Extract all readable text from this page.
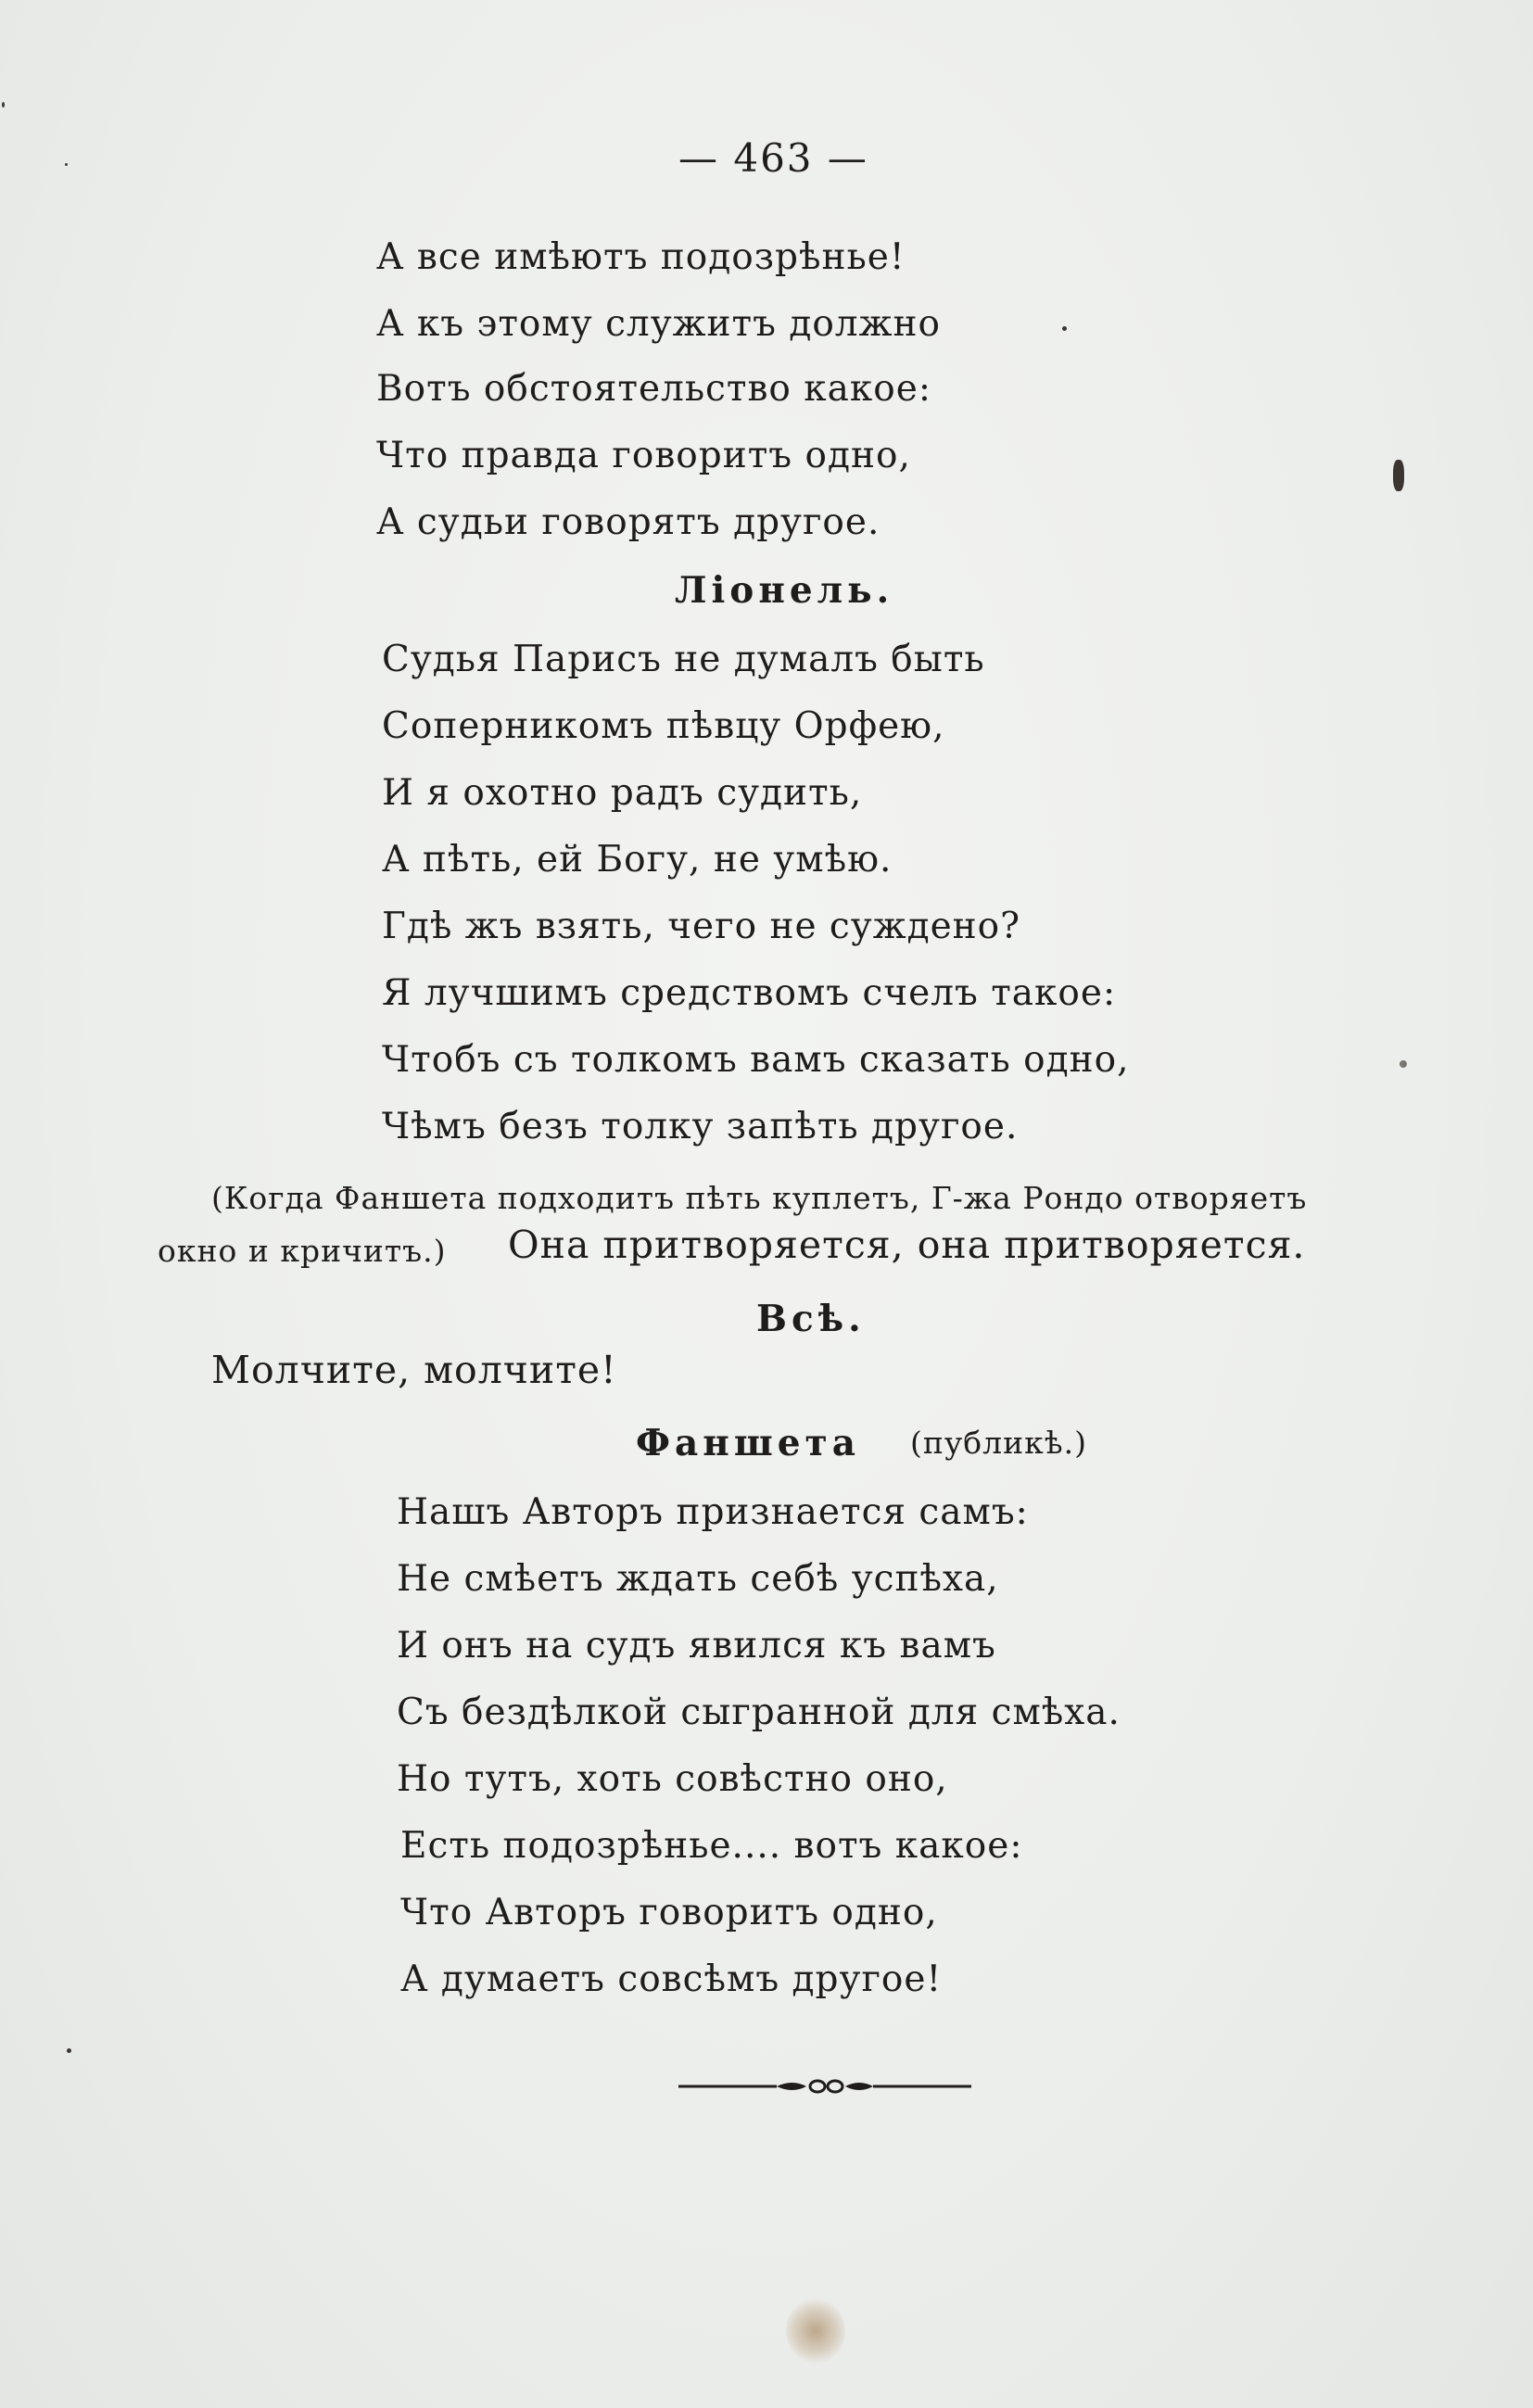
— 463 —
А все имѣютъ подозрѣнье!
А къ этому служитъ должно
Вотъ обстоятельство какое:
Что правда говоритъ одно,
А судьи говорятъ другое.
Ліонель.
Судья Парисъ не думалъ быть
Соперникомъ пѣвцу Орфею,
И я охотно радъ судить,
А пѣть, ей Богу, не умѣю.
Гдѣ жъ взять, чего не суждено?
Я лучшимъ средствомъ счелъ такое:
Чтобъ съ толкомъ вамъ сказать одно,
Чѣмъ безъ толку запѣть другое.
(Когда Фаншета подходитъ пѣть куплетъ, Г-жа Рондо отворяетъ
окно и кричитъ.) Она притворяется, она притворяется.
Всѣ.
Молчите, молчите!
Фаншета (публикѣ.)
Нашъ Авторъ признается самъ:
Не смѣетъ ждать себѣ успѣха,
И онъ на судъ явился къ вамъ
Съ бездѣлкой сыгранной для смѣха.
Но тутъ, хоть совѣстно оно,
Есть подозрѣнье.... вотъ какое:
Что Авторъ говоритъ одно,
А думаетъ совсѣмъ другое!
